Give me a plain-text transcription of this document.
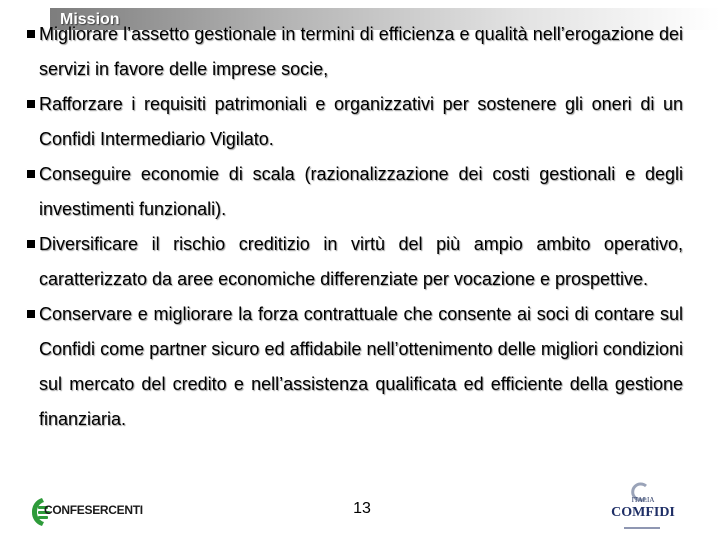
Mission
Migliorare l’assetto gestionale in termini di efficienza e qualità nell’erogazione dei servizi in favore delle imprese socie,
Rafforzare i requisiti patrimoniali e organizzativi per sostenere gli oneri di un Confidi Intermediario Vigilato.
Conseguire economie di scala (razionalizzazione dei costi gestionali e degli investimenti funzionali).
Diversificare il rischio creditizio in virtù del più ampio ambito operativo, caratterizzato da aree economiche differenziate per vocazione e prospettive.
Conservare e migliorare la forza contrattuale che consente ai soci di contare sul Confidi come partner sicuro ed affidabile nell’ottenimento delle migliori condizioni sul mercato del credito e nell’assistenza qualificata ed efficiente della gestione finanziaria.
CONFESERCENTI	13	ITALIA
COMFIDI
